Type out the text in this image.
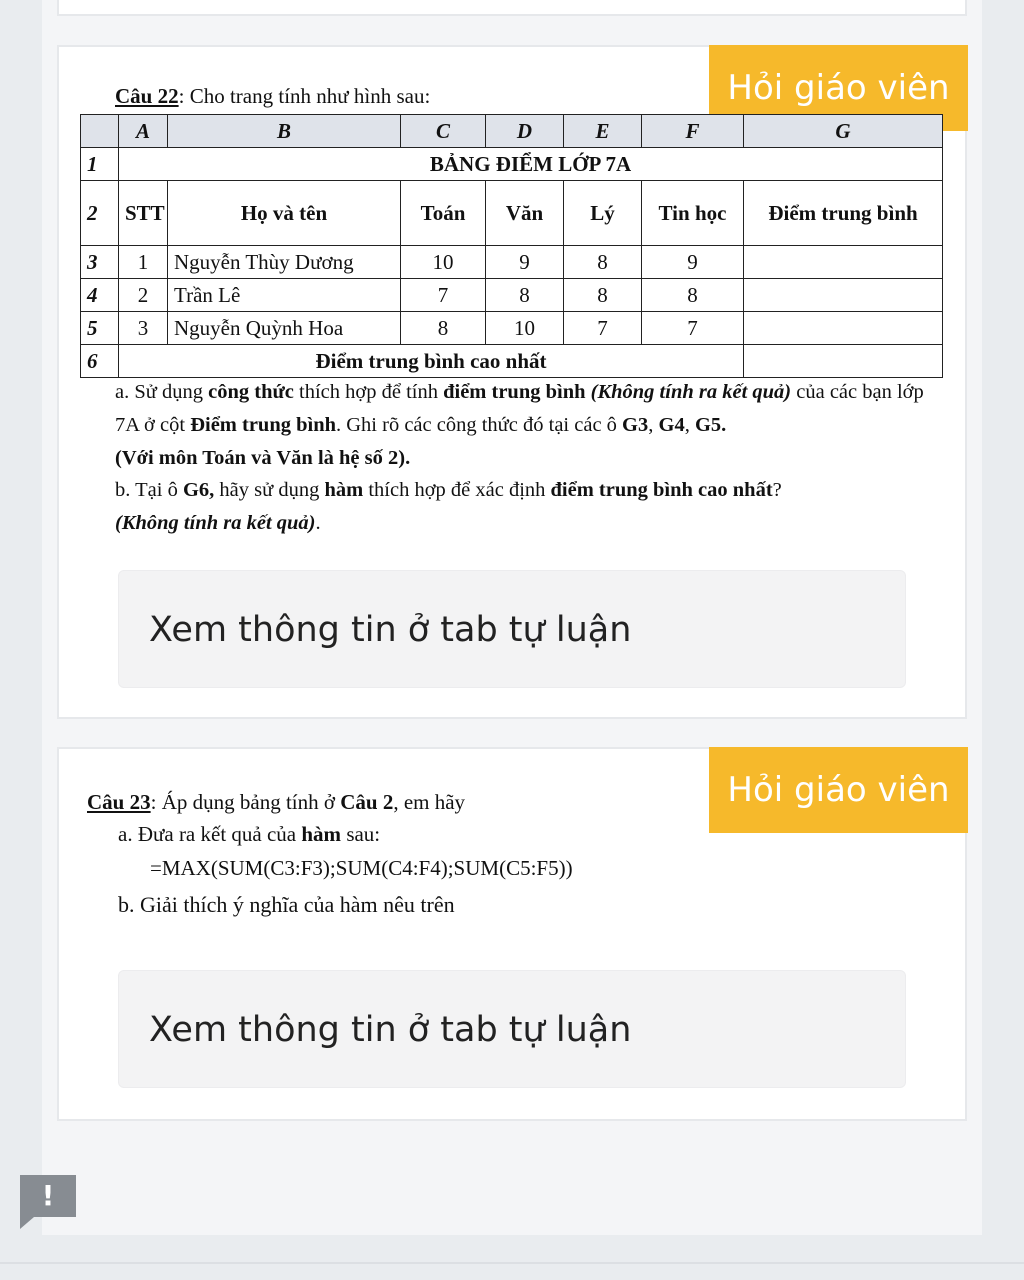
Hỏi giáo viên
Câu 22: Cho trang tính như hình sau:
	A	B	C	D	E	F	G
1	BẢNG ĐIỂM LỚP 7A						
2	STT	Họ và tên	Toán	Văn	Lý	Tin học	Điểm trung bình
3	1	Nguyễn Thùy Dương	10	9	8	9	
4	2	Trần Lê	7	8	8	8	
5	3	Nguyễn Quỳnh Hoa	8	10	7	7	
6	Điểm trung bình cao nhất						
a. Sử dụng công thức thích hợp để tính điểm trung bình (Không tính ra kết quả) của các bạn lớp 7A ở cột Điểm trung bình. Ghi rõ các công thức đó tại các ô G3, G4, G5.
(Với môn Toán và Văn là hệ số 2).
b. Tại ô G6, hãy sử dụng hàm thích hợp để xác định điểm trung bình cao nhất?
(Không tính ra kết quả).
Xem thông tin ở tab tự luận
Hỏi giáo viên
Câu 23: Áp dụng bảng tính ở Câu 2, em hãy
a. Đưa ra kết quả của hàm sau:
=MAX(SUM(C3:F3);SUM(C4:F4);SUM(C5:F5))
b. Giải thích ý nghĩa của hàm nêu trên
Xem thông tin ở tab tự luận
!
